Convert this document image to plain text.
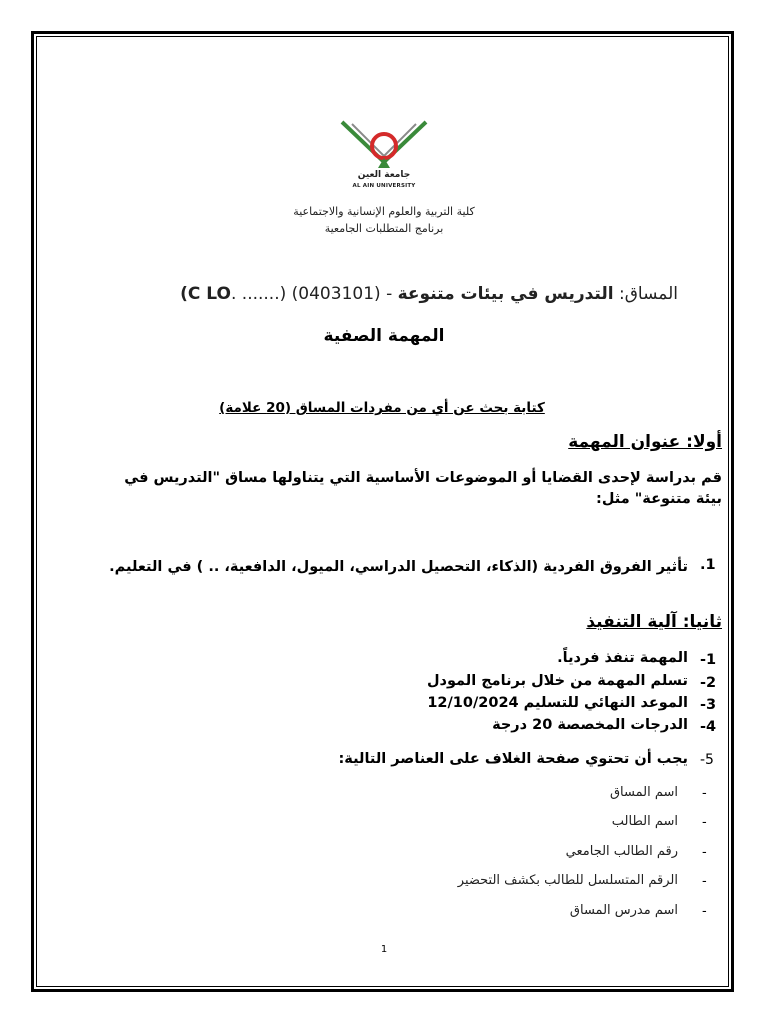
جامعة العين
AL AIN UNIVERSITY
كلية التربية والعلوم الإنسانية والاجتماعية
برنامج المتطلبات الجامعية
المساق: التدريس في بيئات متنوعة - (0403101) (C LO. .......)
المهمة الصفية
كتابة بحث عن أي من مفردات المساق (20 علامة)
أولا: عنوان المهمة
قم بدراسة لإحدى القضايا أو الموضوعات الأساسية التي يتناولها مساق "التدريس في بيئة متنوعة" مثل:
.1
تأثير الفروق الفردية (الذكاء، التحصيل الدراسي، الميول، الدافعية، .. ) في التعليم.
ثانيا: آلية التنفيذ
-1
المهمة تنفذ فردياً.
-2
تسلم المهمة من خلال برنامج المودل
-3
الموعد النهائي للتسليم 12/10/2024
-4
الدرجات المخصصة 20 درجة
-5
يجب أن تحتوي صفحة الغلاف على العناصر التالية:
-
اسم المساق
-
اسم الطالب
-
رقم الطالب الجامعي
-
الرقم المتسلسل للطالب بكشف التحضير
-
اسم مدرس المساق
1
